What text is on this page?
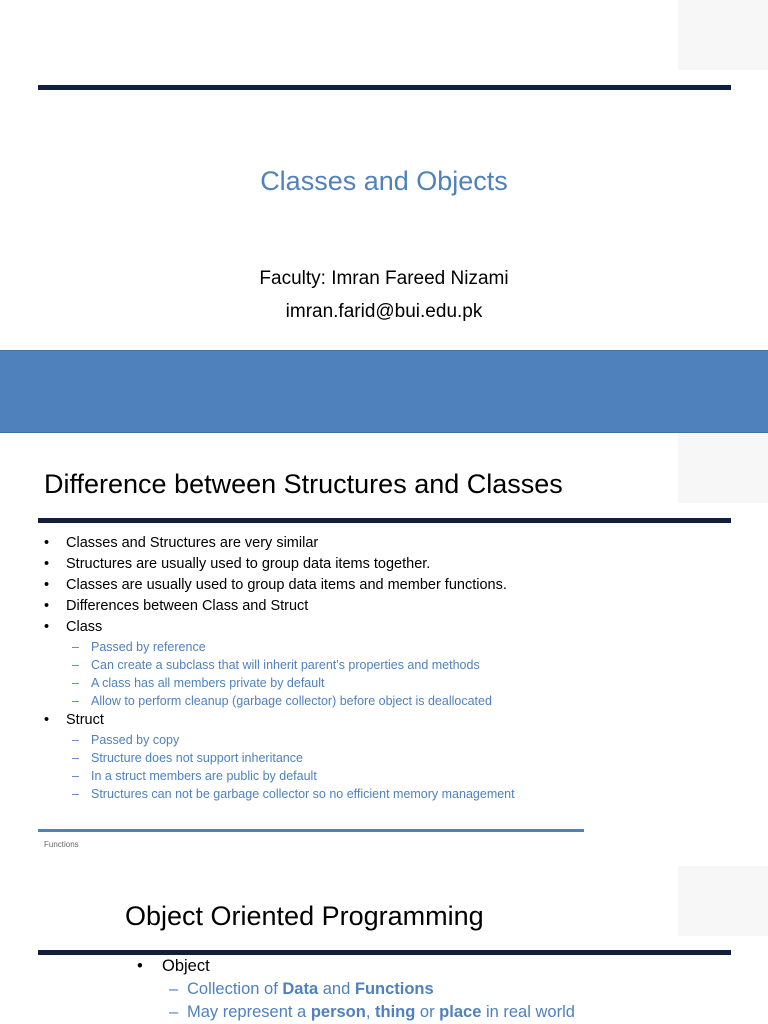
Classes and Objects
Faculty: Imran Fareed Nizami
imran.farid@bui.edu.pk
Difference between Structures and Classes
• Classes and Structures are very similar
• Structures are usually used to group data items together.
• Classes are usually used to group data items and member functions.
• Differences between Class and Struct
• Class
– Passed by reference
– Can create a subclass that will inherit parent's properties and methods
– A class has all members private by default
– Allow to perform cleanup (garbage collector) before object is deallocated
• Struct
– Passed by copy
– Structure does not support inheritance
– In a struct members are public by default
– Structures can not be garbage collector so no efficient memory management
Functions
Object Oriented Programming
• Object
– Collection of Data and Functions
– May represent a person, thing or place in real world
